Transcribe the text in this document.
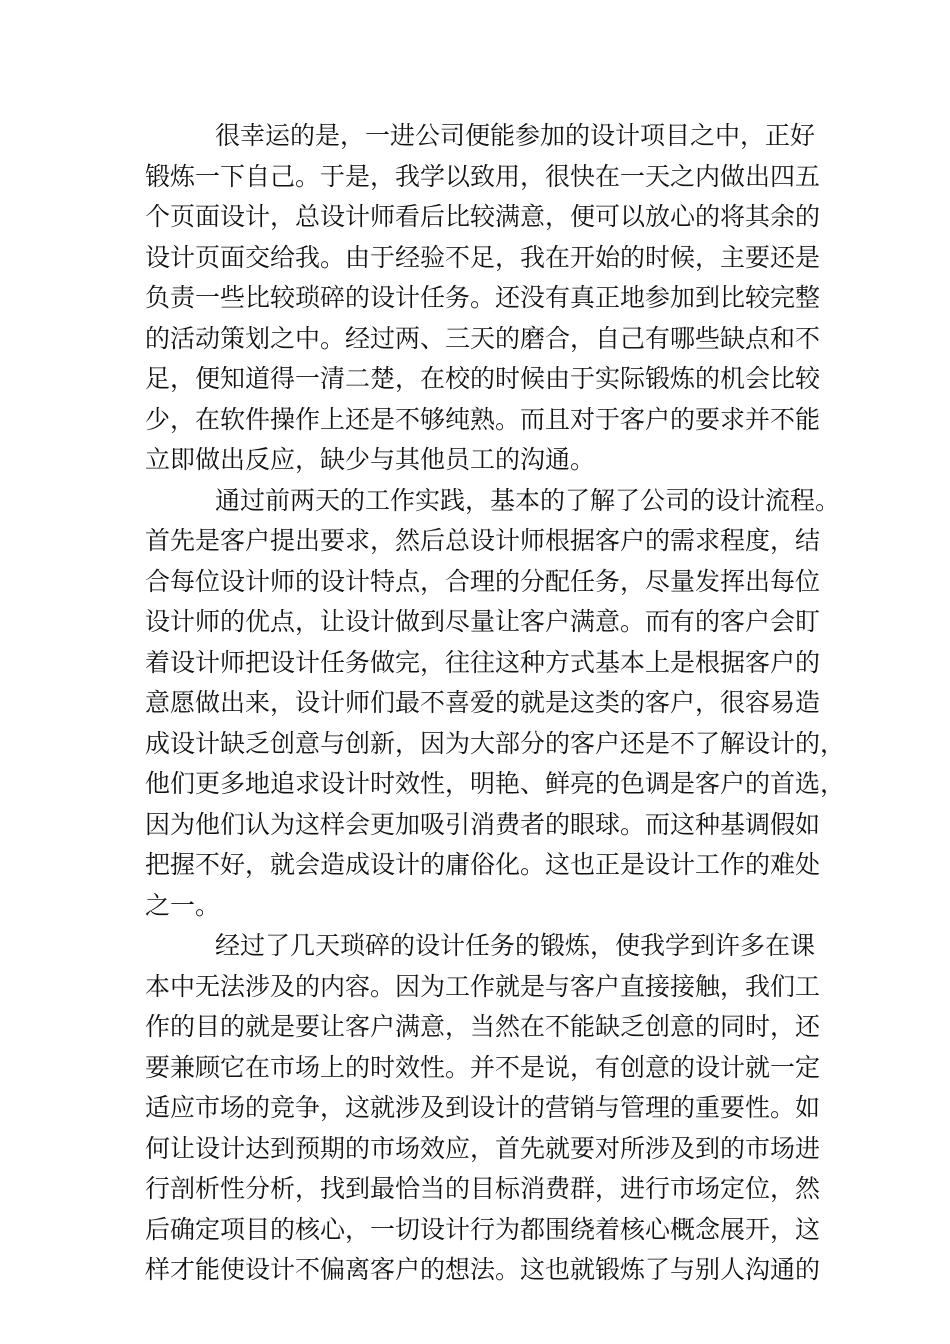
很幸运的是，一进公司便能参加的设计项目之中，正好
锻炼一下自己。于是，我学以致用，很快在一天之内做出四五
个页面设计，总设计师看后比较满意，便可以放心的将其余的
设计页面交给我。由于经验不足，我在开始的时候，主要还是
负责一些比较琐碎的设计任务。还没有真正地参加到比较完整
的活动策划之中。经过两、三天的磨合，自己有哪些缺点和不
足，便知道得一清二楚，在校的时候由于实际锻炼的机会比较
少，在软件操作上还是不够纯熟。而且对于客户的要求并不能
立即做出反应，缺少与其他员工的沟通。
通过前两天的工作实践，基本的了解了公司的设计流程。
首先是客户提出要求，然后总设计师根据客户的需求程度，结
合每位设计师的设计特点，合理的分配任务，尽量发挥出每位
设计师的优点，让设计做到尽量让客户满意。而有的客户会盯
着设计师把设计任务做完，往往这种方式基本上是根据客户的
意愿做出来，设计师们最不喜爱的就是这类的客户，很容易造
成设计缺乏创意与创新，因为大部分的客户还是不了解设计的，
他们更多地追求设计时效性，明艳、鲜亮的色调是客户的首选，
因为他们认为这样会更加吸引消费者的眼球。而这种基调假如
把握不好，就会造成设计的庸俗化。这也正是设计工作的难处
之一。
经过了几天琐碎的设计任务的锻炼，使我学到许多在课
本中无法涉及的内容。因为工作就是与客户直接接触，我们工
作的目的就是要让客户满意，当然在不能缺乏创意的同时，还
要兼顾它在市场上的时效性。并不是说，有创意的设计就一定
适应市场的竞争，这就涉及到设计的营销与管理的重要性。如
何让设计达到预期的市场效应，首先就要对所涉及到的市场进
行剖析性分析，找到最恰当的目标消费群，进行市场定位，然
后确定项目的核心，一切设计行为都围绕着核心概念展开，这
样才能使设计不偏离客户的想法。这也就锻炼了与别人沟通的
